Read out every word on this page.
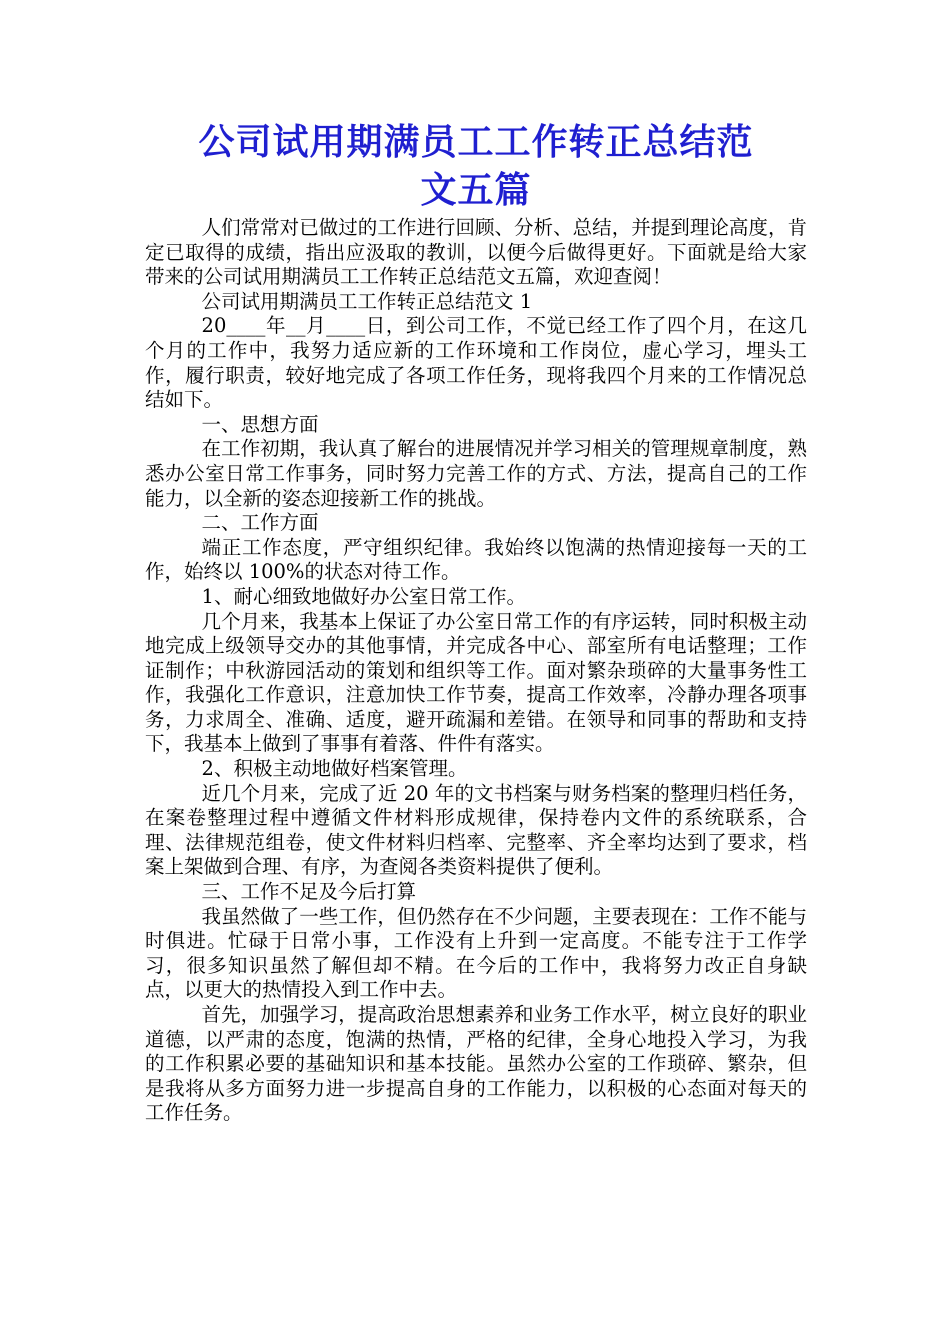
公司试用期满员工工作转正总结范
文五篇

人们常常对已做过的工作进行回顾、分析、总结，并提到理论高度，肯定已取得的成绩，指出应汲取的教训，以便今后做得更好。下面就是给大家带来的公司试用期满员工工作转正总结范文五篇，欢迎查阅！

公司试用期满员工工作转正总结范文 1

20____年__月____日，到公司工作，不觉已经工作了四个月，在这几个月的工作中，我努力适应新的工作环境和工作岗位，虚心学习，埋头工作，履行职责，较好地完成了各项工作任务，现将我四个月来的工作情况总结如下。

一、思想方面

在工作初期，我认真了解台的进展情况并学习相关的管理规章制度，熟悉办公室日常工作事务，同时努力完善工作的方式、方法，提高自己的工作能力，以全新的姿态迎接新工作的挑战。

二、工作方面

端正工作态度，严守组织纪律。我始终以饱满的热情迎接每一天的工作，始终以 100%的状态对待工作。

1、耐心细致地做好办公室日常工作。

几个月来，我基本上保证了办公室日常工作的有序运转，同时积极主动地完成上级领导交办的其他事情，并完成各中心、部室所有电话整理；工作证制作；中秋游园活动的策划和组织等工作。面对繁杂琐碎的大量事务性工作，我强化工作意识，注意加快工作节奏，提高工作效率，冷静办理各项事务，力求周全、准确、适度，避开疏漏和差错。在领导和同事的帮助和支持下，我基本上做到了事事有着落、件件有落实。

2、积极主动地做好档案管理。

近几个月来，完成了近 20 年的文书档案与财务档案的整理归档任务，在案卷整理过程中遵循文件材料形成规律，保持卷内文件的系统联系，合理、法律规范组卷，使文件材料归档率、完整率、齐全率均达到了要求，档案上架做到合理、有序，为查阅各类资料提供了便利。

三、工作不足及今后打算

我虽然做了一些工作，但仍然存在不少问题，主要表现在：工作不能与时俱进。忙碌于日常小事，工作没有上升到一定高度。不能专注于工作学习，很多知识虽然了解但却不精。在今后的工作中，我将努力改正自身缺点，以更大的热情投入到工作中去。

首先，加强学习，提高政治思想素养和业务工作水平，树立良好的职业道德，以严肃的态度，饱满的热情，严格的纪律，全身心地投入学习，为我的工作积累必要的基础知识和基本技能。虽然办公室的工作琐碎、繁杂，但是我将从多方面努力进一步提高自身的工作能力，以积极的心态面对每天的工作任务。
